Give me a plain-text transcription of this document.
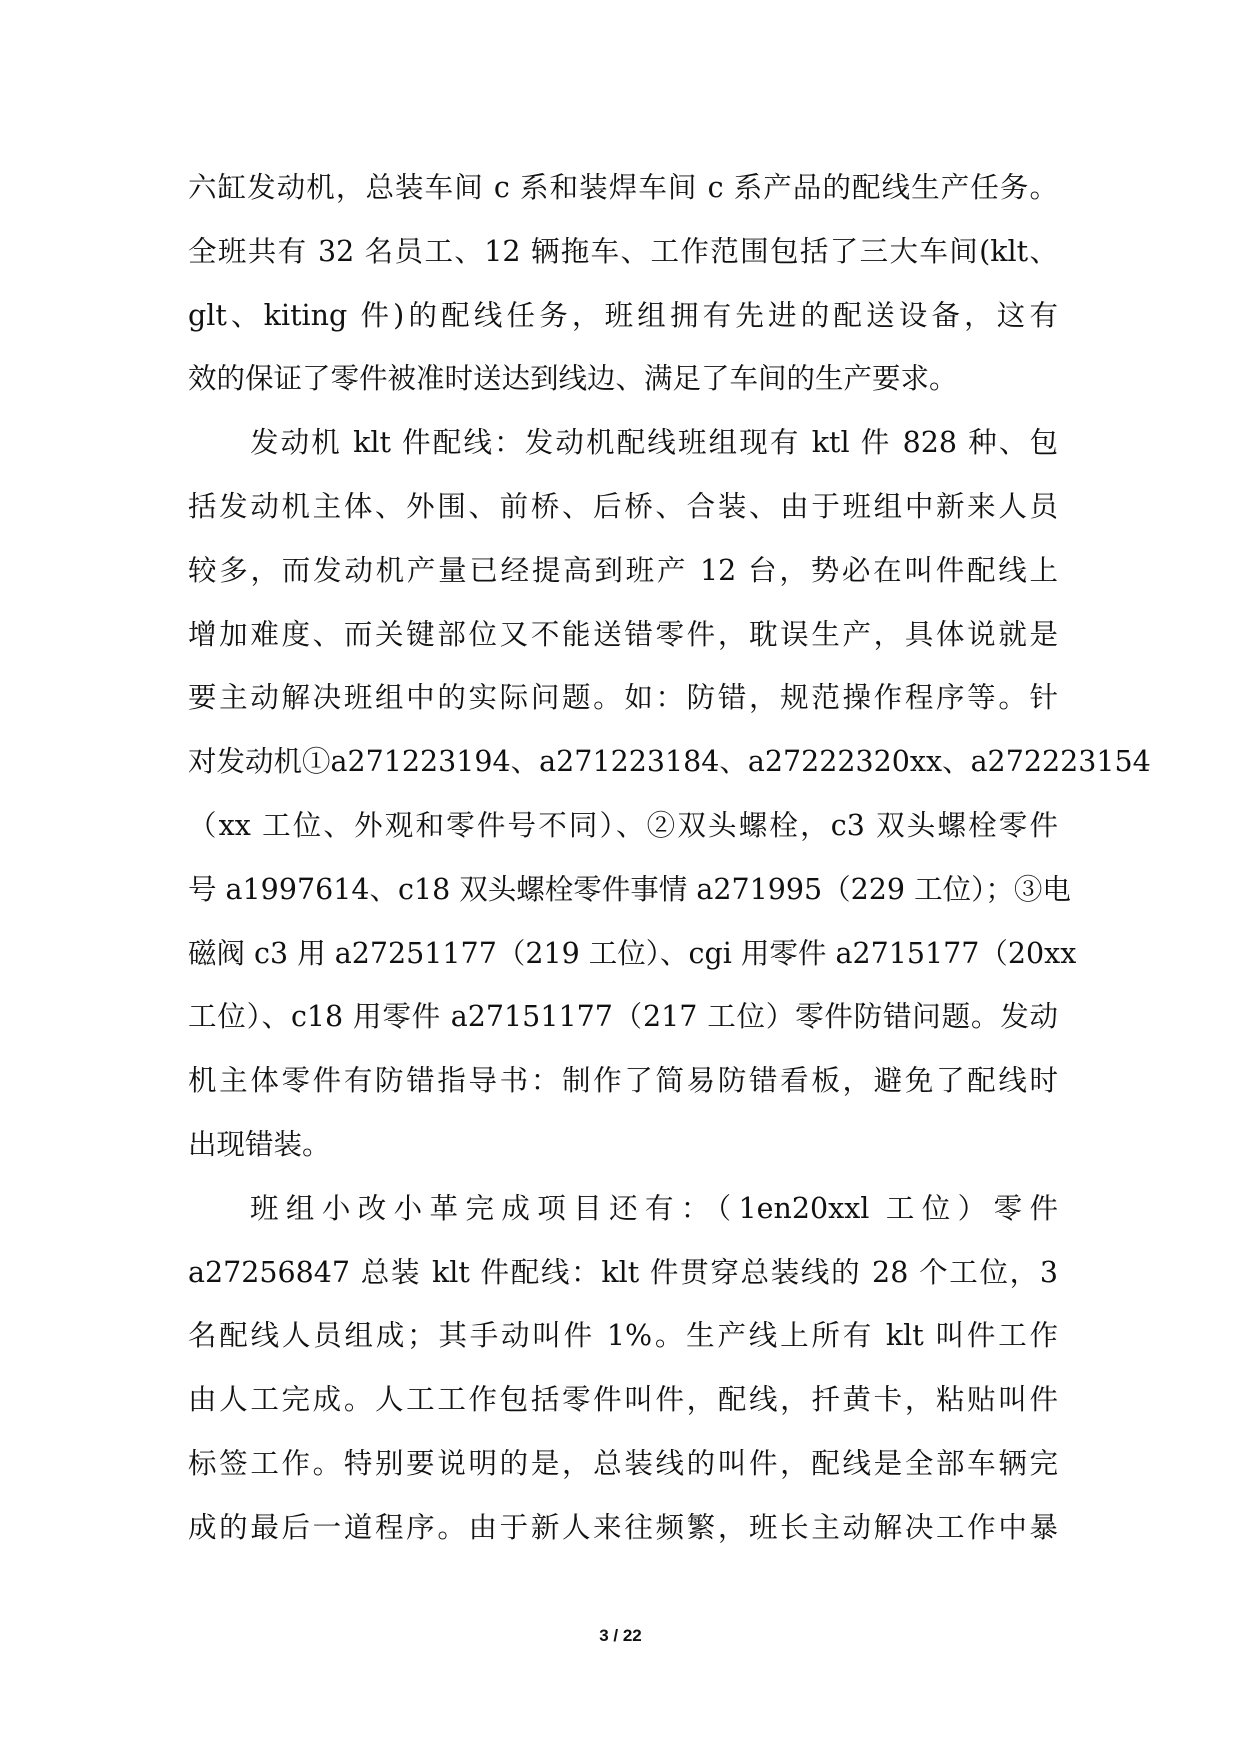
六缸发动机，总装车间 c 系和装焊车间 c 系产品的配线生产任务。
全班共有 32 名员工、12 辆拖车、工作范围包括了三大车间(klt、
glt、kiting 件)的配线任务，班组拥有先进的配送设备，这有
效的保证了零件被准时送达到线边、满足了车间的生产要求。
发动机 klt 件配线：发动机配线班组现有 ktl 件 828 种、包
括发动机主体、外围、前桥、后桥、合装、由于班组中新来人员
较多，而发动机产量已经提高到班产 12 台，势必在叫件配线上
增加难度、而关键部位又不能送错零件，耽误生产，具体说就是
要主动解决班组中的实际问题。如：防错，规范操作程序等。针
对发动机①a271223194、a271223184、a27222320xx、a272223154
（xx 工位、外观和零件号不同）、②双头螺栓，c3 双头螺栓零件
号 a1997614、c18 双头螺栓零件事情 a271995（229 工位）；③电
磁阀 c3 用 a27251177（219 工位）、cgi 用零件 a2715177（20xx
工位）、c18 用零件 a27151177（217 工位）零件防错问题。发动
机主体零件有防错指导书：制作了简易防错看板，避免了配线时
出现错装。
班组小改小革完成项目还有：（1en20xxl 工位）零件
a27256847 总装 klt 件配线：klt 件贯穿总装线的 28 个工位，3
名配线人员组成；其手动叫件 1%。生产线上所有 klt 叫件工作
由人工完成。人工工作包括零件叫件，配线，扦黄卡，粘贴叫件
标签工作。特别要说明的是，总装线的叫件，配线是全部车辆完
成的最后一道程序。由于新人来往频繁，班长主动解决工作中暴
3 / 22
